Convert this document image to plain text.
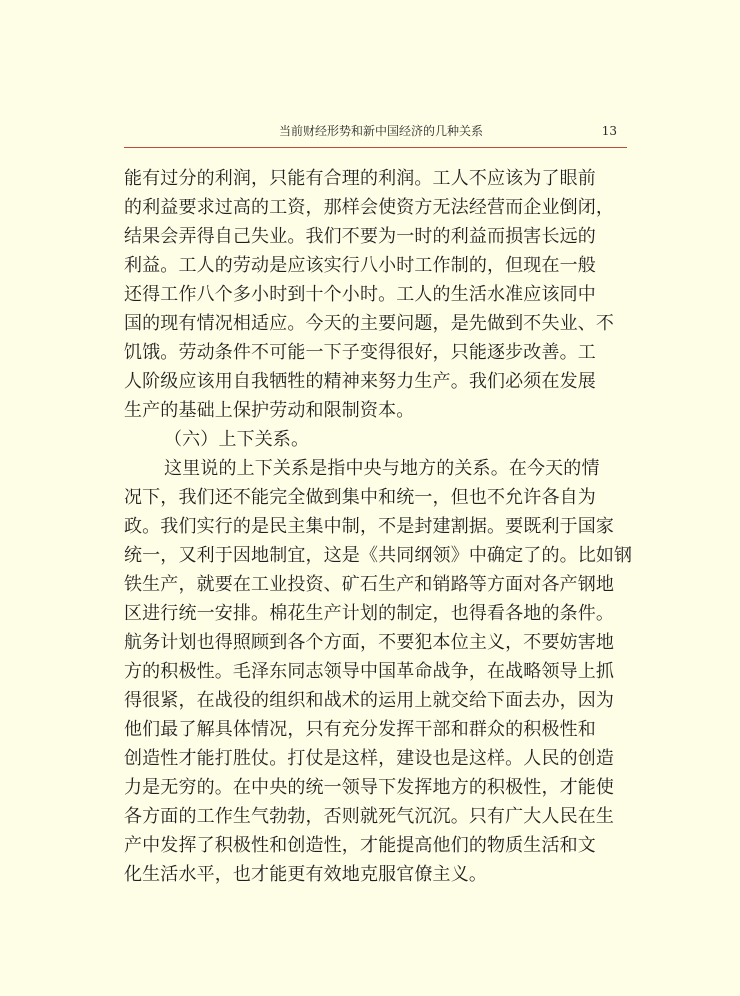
当前财经形势和新中国经济的几种关系	13
能有过分的利润，只能有合理的利润。工人不应该为了眼前
的利益要求过高的工资，那样会使资方无法经营而企业倒闭，
结果会弄得自己失业。我们不要为一时的利益而损害长远的
利益。工人的劳动是应该实行八小时工作制的，但现在一般
还得工作八个多小时到十个小时。工人的生活水准应该同中
国的现有情况相适应。今天的主要问题，是先做到不失业、不
饥饿。劳动条件不可能一下子变得很好，只能逐步改善。工
人阶级应该用自我牺牲的精神来努力生产。我们必须在发展
生产的基础上保护劳动和限制资本。
（六）上下关系。
这里说的上下关系是指中央与地方的关系。在今天的情
况下，我们还不能完全做到集中和统一，但也不允许各自为
政。我们实行的是民主集中制，不是封建割据。要既利于国家
统一，又利于因地制宜，这是《共同纲领》中确定了的。比如钢
铁生产，就要在工业投资、矿石生产和销路等方面对各产钢地
区进行统一安排。棉花生产计划的制定，也得看各地的条件。
航务计划也得照顾到各个方面，不要犯本位主义，不要妨害地
方的积极性。毛泽东同志领导中国革命战争，在战略领导上抓
得很紧，在战役的组织和战术的运用上就交给下面去办，因为
他们最了解具体情况，只有充分发挥干部和群众的积极性和
创造性才能打胜仗。打仗是这样，建设也是这样。人民的创造
力是无穷的。在中央的统一领导下发挥地方的积极性，才能使
各方面的工作生气勃勃，否则就死气沉沉。只有广大人民在生
产中发挥了积极性和创造性，才能提高他们的物质生活和文
化生活水平，也才能更有效地克服官僚主义。
